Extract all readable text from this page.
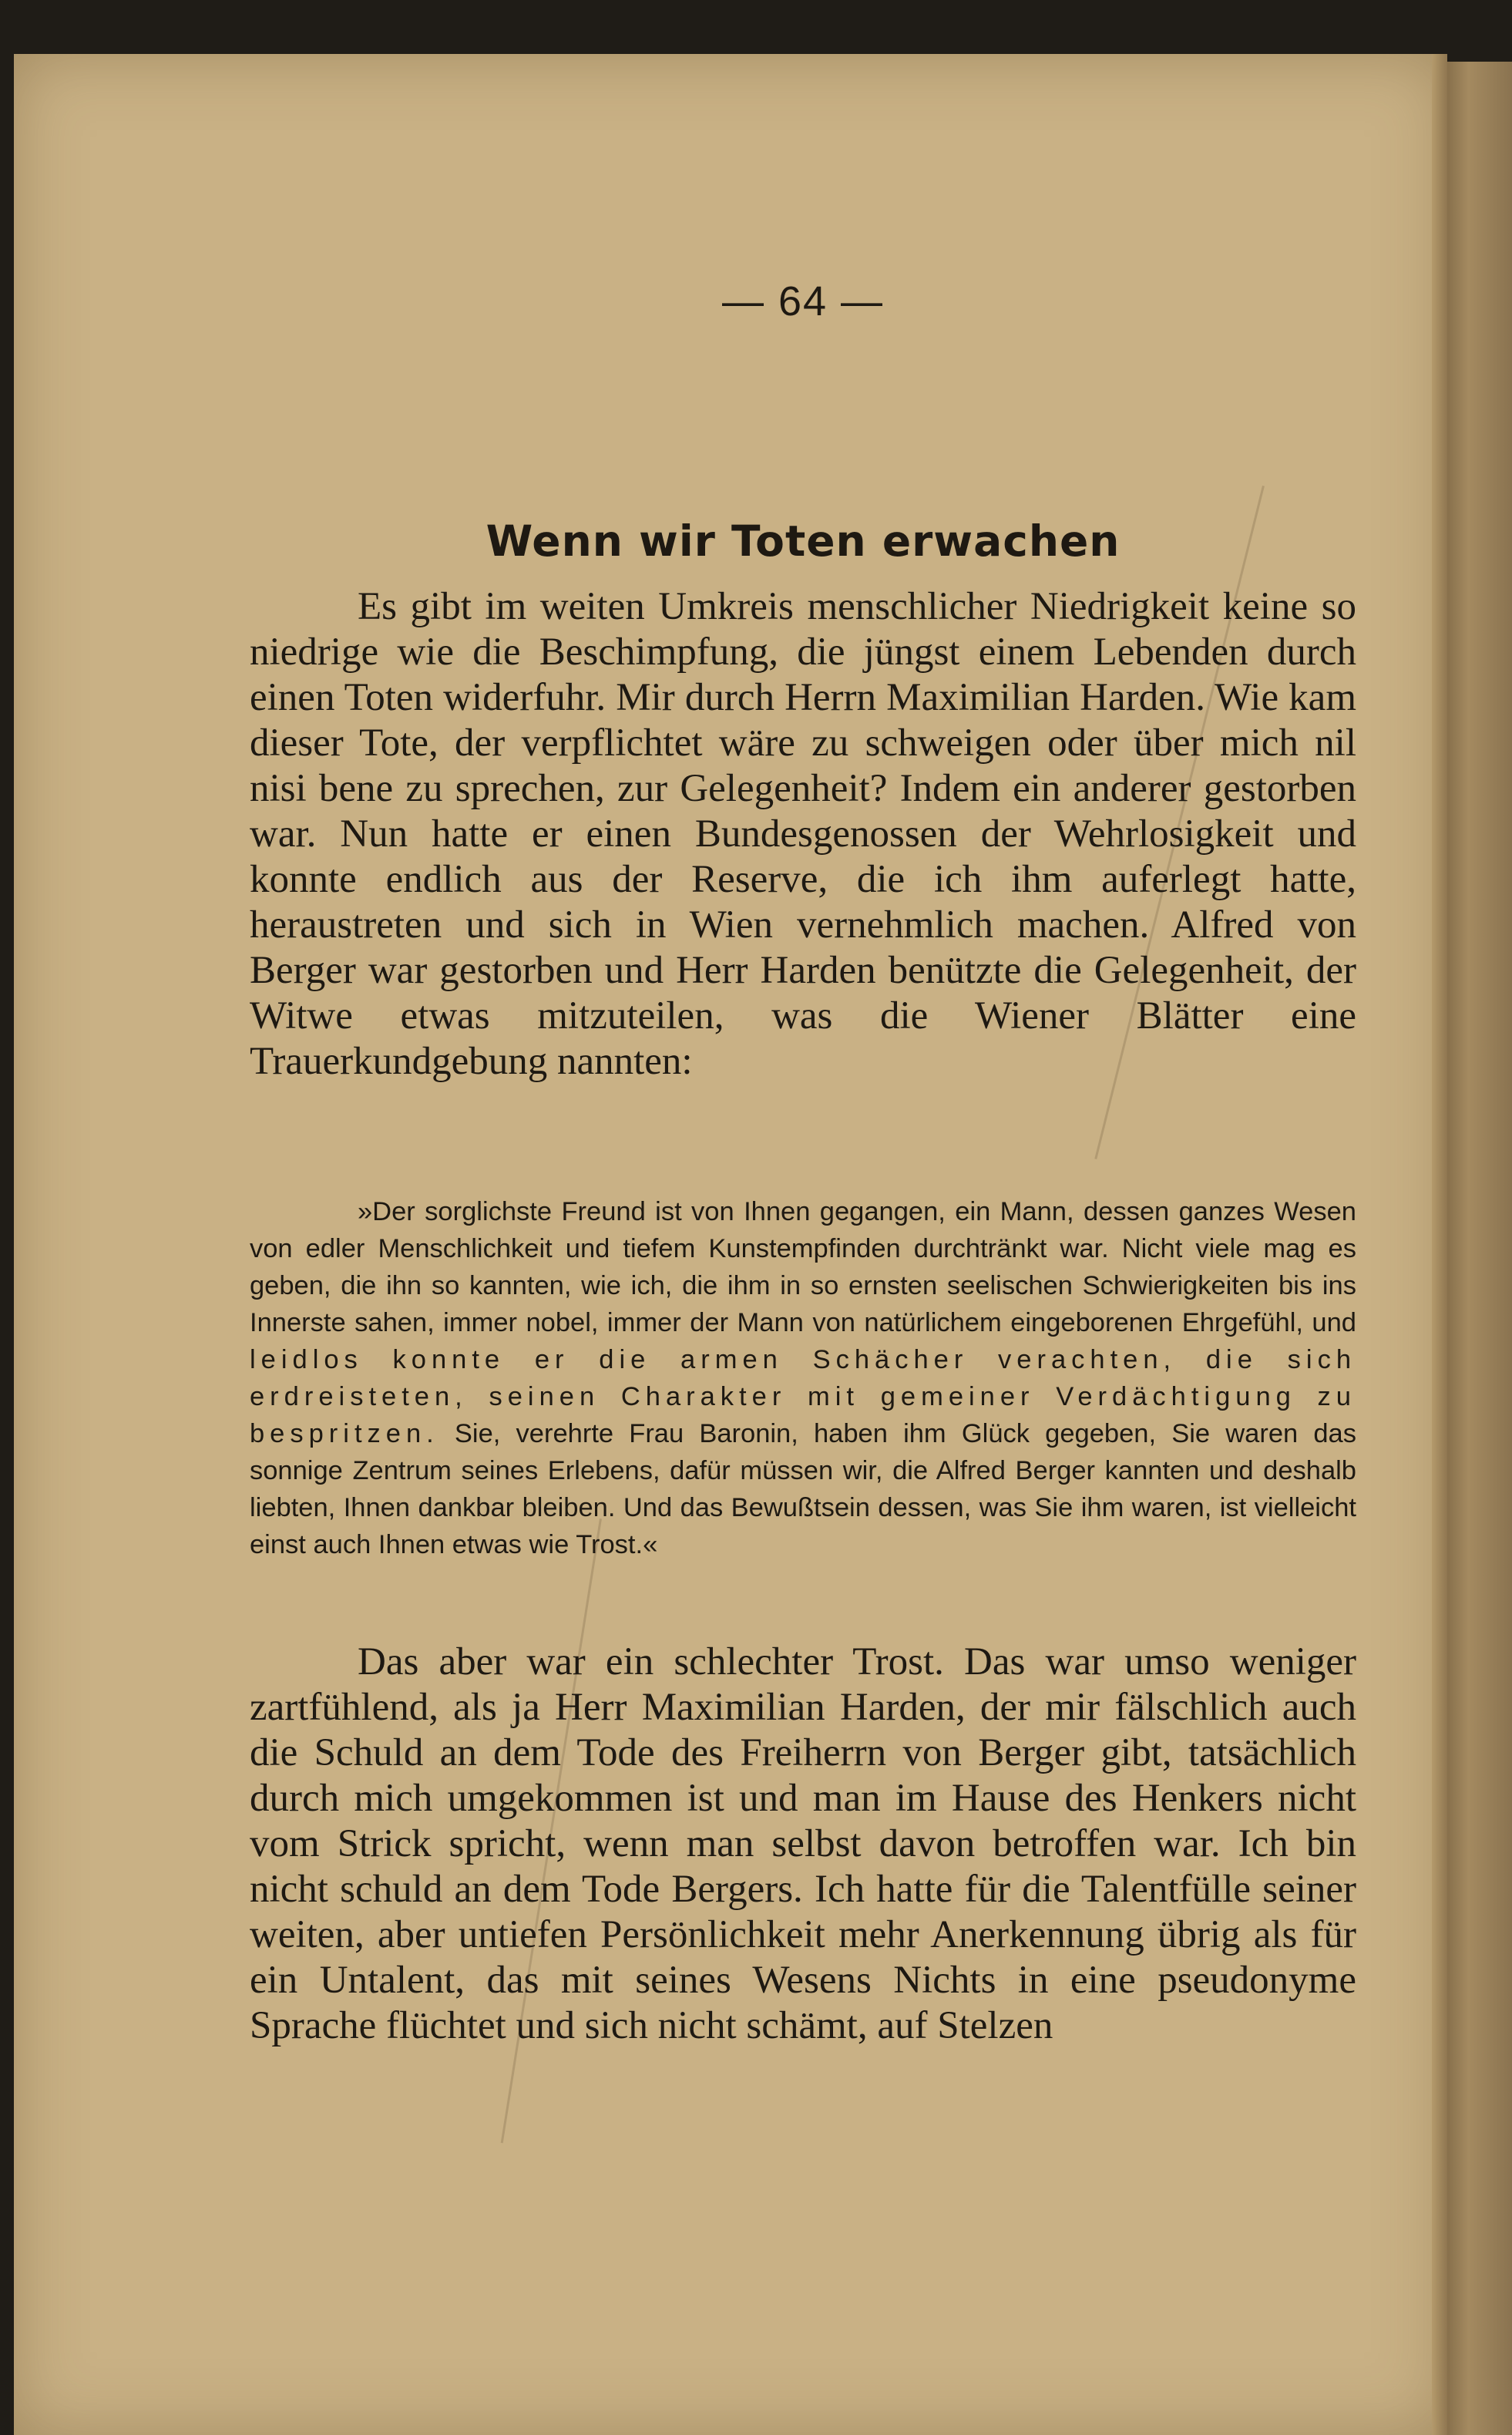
— 64 —
Wenn wir Toten erwachen

Es gibt im weiten Umkreis menschlicher Niedrigkeit keine so niedrige wie die Beschimpfung, die jüngst einem Lebenden durch einen Toten widerfuhr. Mir durch Herrn Maximilian Harden. Wie kam dieser Tote, der verpflichtet wäre zu schweigen oder über mich nil nisi bene zu sprechen, zur Gelegenheit? Indem ein anderer gestorben war. Nun hatte er einen Bundesgenossen der Wehrlosigkeit und konnte endlich aus der Reserve, die ich ihm auferlegt hatte, heraustreten und sich in Wien vernehmlich machen. Alfred von Berger war gestorben und Herr Harden benützte die Gelegenheit, der Witwe etwas mitzuteilen, was die Wiener Blätter eine Trauerkundgebung nannten:

»Der sorglichste Freund ist von Ihnen gegangen, ein Mann, dessen ganzes Wesen von edler Menschlichkeit und tiefem Kunstempfinden durchtränkt war. Nicht viele mag es geben, die ihn so kannten, wie ich, die ihm in so ernsten seelischen Schwierigkeiten bis ins Innerste sahen, immer nobel, immer der Mann von natürlichem eingeborenen Ehrgefühl, und leidlos konnte er die armen Schächer verachten, die sich erdreisteten, seinen Charakter mit gemeiner Verdächtigung zu bespritzen. Sie, verehrte Frau Baronin, haben ihm Glück gegeben, Sie waren das sonnige Zentrum seines Erlebens, dafür müssen wir, die Alfred Berger kannten und deshalb liebten, Ihnen dankbar bleiben. Und das Bewußtsein dessen, was Sie ihm waren, ist vielleicht einst auch Ihnen etwas wie Trost.«

Das aber war ein schlechter Trost. Das war umso weniger zartfühlend, als ja Herr Maximilian Harden, der mir fälschlich auch die Schuld an dem Tode des Freiherrn von Berger gibt, tatsächlich durch mich umgekommen ist und man im Hause des Henkers nicht vom Strick spricht, wenn man selbst davon betroffen war. Ich bin nicht schuld an dem Tode Bergers. Ich hatte für die Talentfülle seiner weiten, aber untiefen Persönlichkeit mehr Anerkennung übrig als für ein Untalent, das mit seines Wesens Nichts in eine pseudonyme Sprache flüchtet und sich nicht schämt, auf Stelzen
